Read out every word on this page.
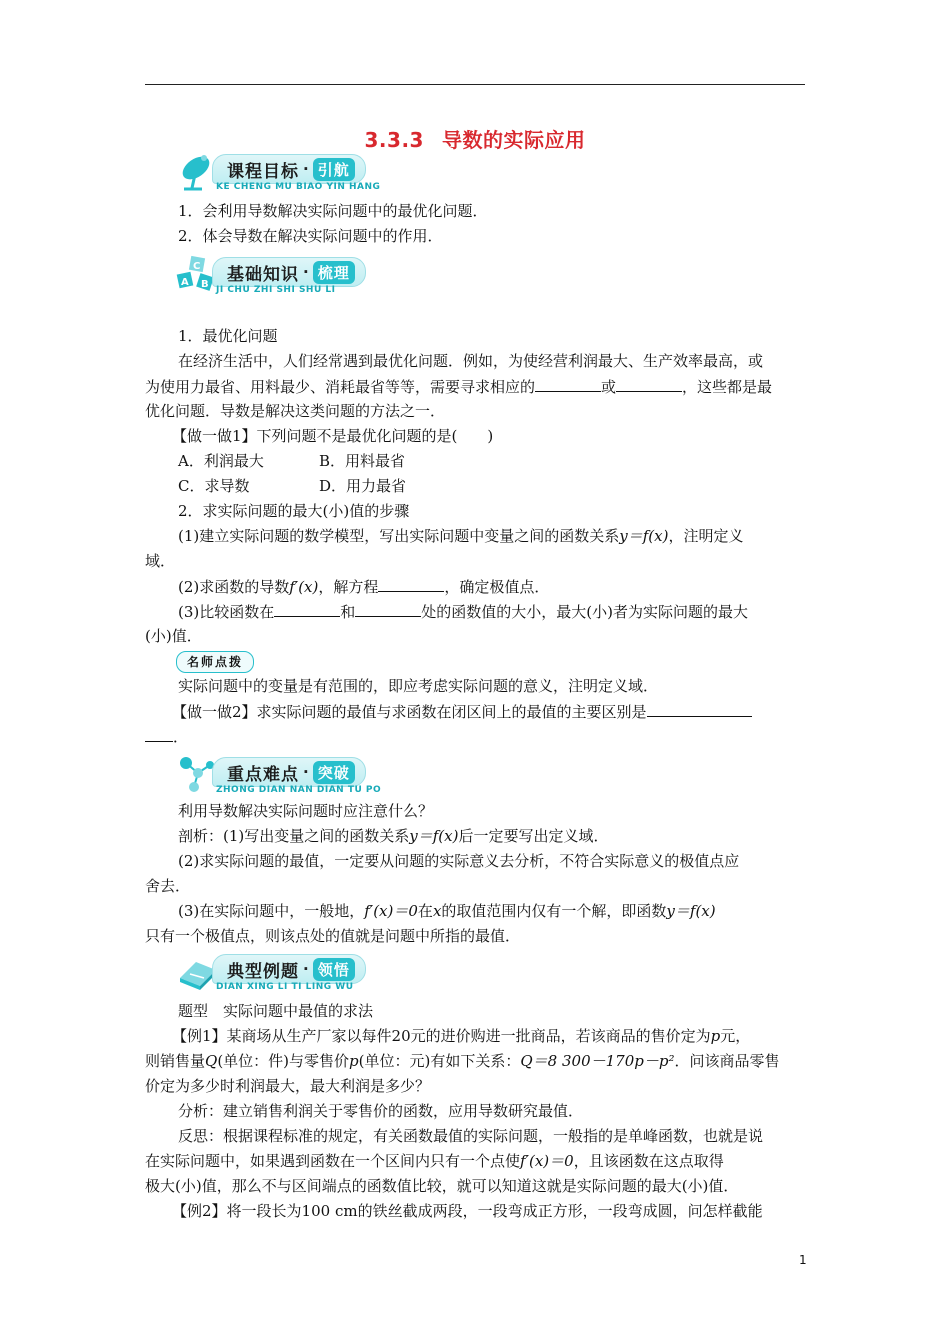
3.3.3 导数的实际应用
课程目标 · 引航
KE CHENG MU BIAO YIN HANG
1．会利用导数解决实际问题中的最优化问题．
2．体会导数在解决实际问题中的作用．
A
C
B 基础知识 · 梳理
JI CHU ZHI SHI SHU LI
1．最优化问题
在经济生活中，人们经常遇到最优化问题．例如，为使经营利润最大、生产效率最高，或
为使用力最省、用料最少、消耗最省等等，需要寻求相应的	或	，这些都是最
优化问题．导数是解决这类问题的方法之一．
【做一做1】下列问题不是最优化问题的是(　　)
A．利润最大	B．用料最省
C．求导数	D．用力最省
2．求实际问题的最大(小)值的步骤
(1)建立实际问题的数学模型，写出实际问题中变量之间的函数关系y＝f(x)，注明定义
域．
(2)求函数的导数f′(x)，解方程	，确定极值点．
(3)比较函数在	和	处的函数值的大小，最大(小)者为实际问题的最大
(小)值．
名师点拨
实际问题中的变量是有范围的，即应考虑实际问题的意义，注明定义域．
【做一做2】求实际问题的最值与求函数在闭区间上的最值的主要区别是
．
重点难点 · 突破
ZHONG DIAN NAN DIAN TU PO
利用导数解决实际问题时应注意什么？
剖析：(1)写出变量之间的函数关系y＝f(x)后一定要写出定义域．
(2)求实际问题的最值，一定要从问题的实际意义去分析，不符合实际意义的极值点应
舍去．
(3)在实际问题中，一般地，f′(x)＝0在x的取值范围内仅有一个解，即函数y＝f(x)
只有一个极值点，则该点处的值就是问题中所指的最值．
典型例题 · 领悟
DIAN XING LI TI LING WU
题型　实际问题中最值的求法
【例1】某商场从生产厂家以每件20元的进价购进一批商品，若该商品的售价定为p元，
则销售量Q(单位：件)与零售价p(单位：元)有如下关系：Q＝8 300－170p－p²．问该商品零售
价定为多少时利润最大，最大利润是多少？
分析：建立销售利润关于零售价的函数，应用导数研究最值．
反思：根据课程标准的规定，有关函数最值的实际问题，一般指的是单峰函数，也就是说
在实际问题中，如果遇到函数在一个区间内只有一个点使f′(x)＝0，且该函数在这点取得
极大(小)值，那么不与区间端点的函数值比较，就可以知道这就是实际问题的最大(小)值．
【例2】将一段长为100 cm的铁丝截成两段，一段弯成正方形，一段弯成圆，问怎样截能
1
